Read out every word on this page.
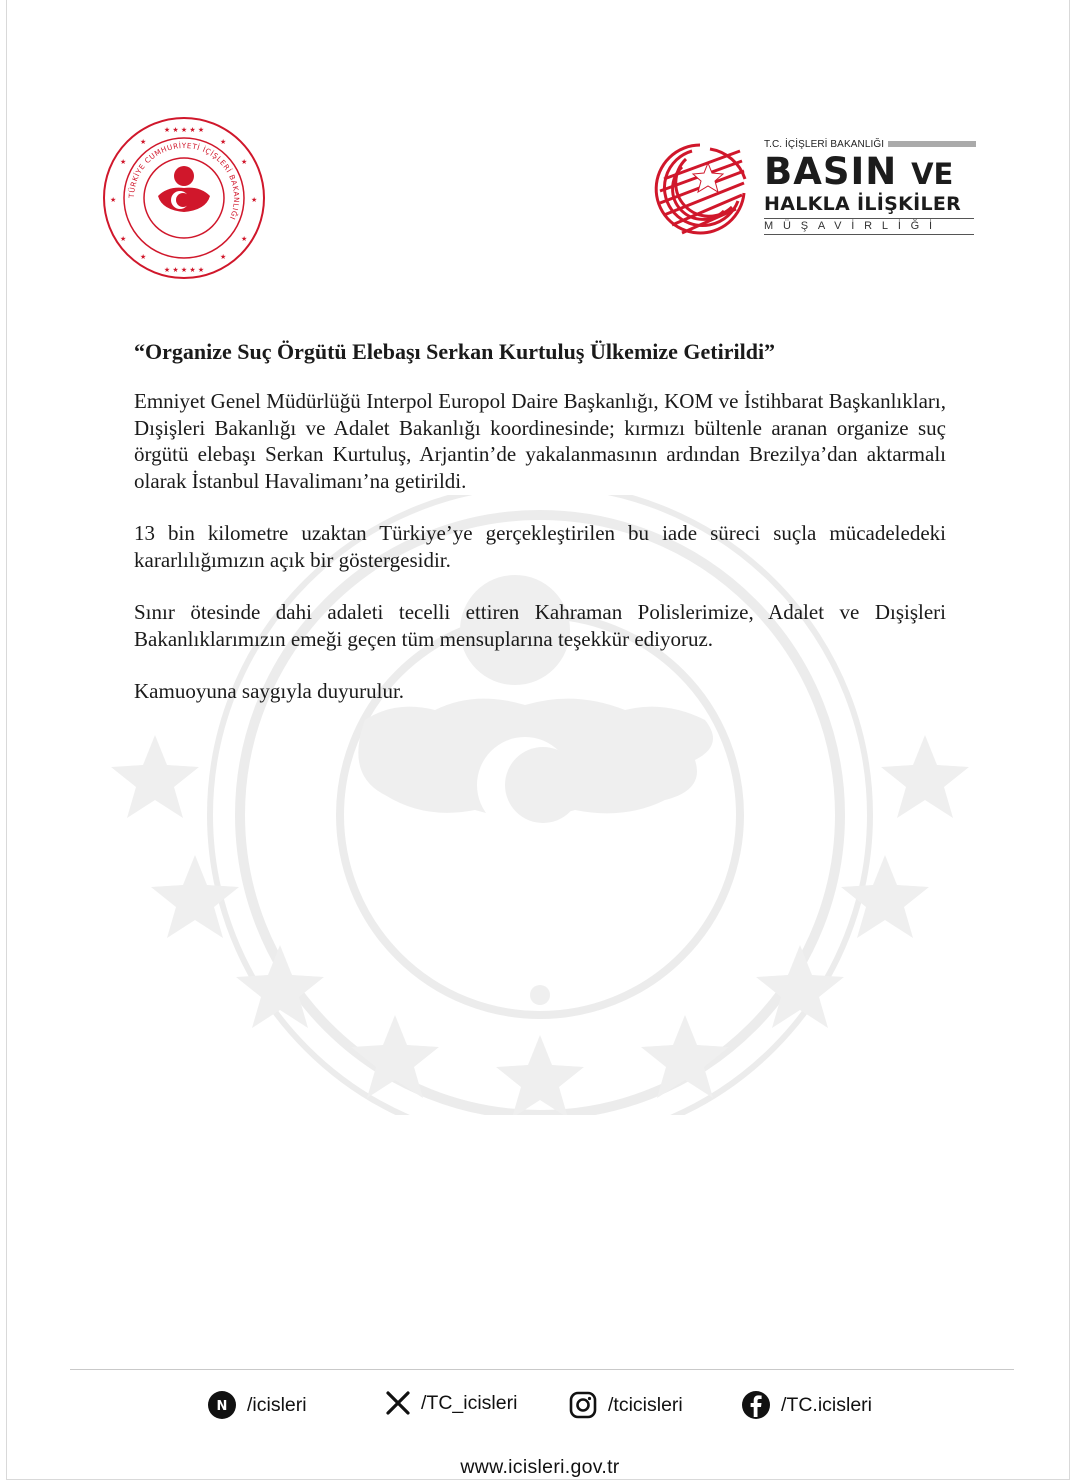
★ ★ ★ ★ ★
★ ★ ★ ★ ★
★	★
★	★
★	★
★	★
★	★
TÜRKİYE CUMHURİYETİ İÇİŞLERİ BAKANLIĞI
T.C. İÇİŞLERİ BAKANLIĞI
BASIN VE
HALKLA İLİŞKİLER
MÜŞAVİRLİĞİ

“Organize Suç Örgütü Elebaşı Serkan Kurtuluş Ülkemize Getirildi”

Emniyet Genel Müdürlüğü Interpol Europol Daire Başkanlığı, KOM ve İstihbarat Başkanlıkları, Dışişleri Bakanlığı ve Adalet Bakanlığı koordinesinde; kırmızı bültenle aranan organize suç örgütü elebaşı Serkan Kurtuluş, Arjantin’de yakalanmasının ardından Brezilya’dan aktarmalı olarak İstanbul Havalimanı’na getirildi.

13 bin kilometre uzaktan Türkiye’ye gerçekleştirilen bu iade süreci suçla mücadeledeki kararlılığımızın açık bir göstergesidir.

Sınır ötesinde dahi adaleti tecelli ettiren Kahraman Polislerimize, Adalet ve Dışişleri Bakanlıklarımızın emeği geçen tüm mensuplarına teşekkür ediyoruz.

Kamuoyuna saygıyla duyurulur.

N /icisleri	/TC_icisleri	/tcicisleri	/TC.icisleri
www.icisleri.gov.tr
